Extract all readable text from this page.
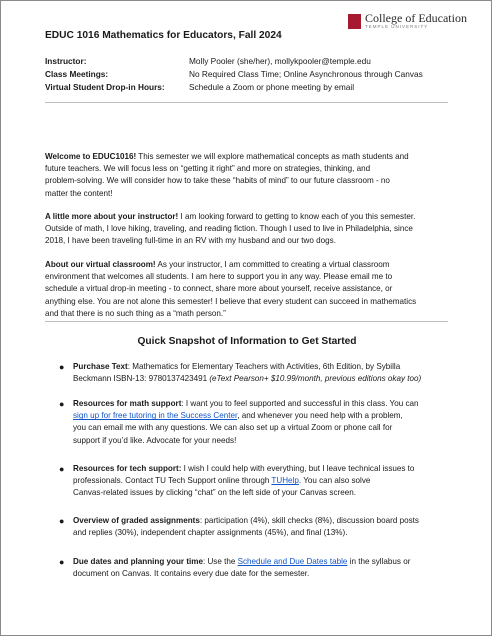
College of Education
TEMPLE UNIVERSITY
EDUC 1016 Mathematics for Educators, Fall 2024
Instructor:	Molly Pooler (she/her), mollykpooler@temple.edu
Class Meetings:	No Required Class Time; Online Asynchronous through Canvas
Virtual Student Drop-in Hours:	Schedule a Zoom or phone meeting by email
Welcome to EDUC1016! This semester we will explore mathematical concepts as math students and
future teachers. We will focus less on “getting it right” and more on strategies, thinking, and
problem-solving. We will consider how to take these “habits of mind” to our future classroom - no
matter the content!
A little more about your instructor! I am looking forward to getting to know each of you this semester.
Outside of math, I love hiking, traveling, and reading fiction. Though I used to live in Philadelphia, since
2018, I have been traveling full-time in an RV with my husband and our two dogs.
About our virtual classroom! As your instructor, I am committed to creating a virtual classroom
environment that welcomes all students. I am here to support you in any way. Please email me to
schedule a virtual drop-in meeting - to connect, share more about yourself, receive assistance, or
anything else. You are not alone this semester! I believe that every student can succeed in mathematics
and that there is no such thing as a “math person.”
Quick Snapshot of Information to Get Started
● Purchase Text: Mathematics for Elementary Teachers with Activities, 6th Edition, by Sybilla
Beckmann ISBN-13: 9780137423491 (eText Pearson+ $10.99/month, previous editions okay too)
● Resources for math support: I want you to feel supported and successful in this class. You can
sign up for free tutoring in the Success Center, and whenever you need help with a problem,
you can email me with any questions. We can also set up a virtual Zoom or phone call for
support if you’d like. Advocate for your needs!
● Resources for tech support: I wish I could help with everything, but I leave technical issues to
professionals. Contact TU Tech Support online through TUHelp. You can also solve
Canvas-related issues by clicking “chat” on the left side of your Canvas screen.
● Overview of graded assignments: participation (4%), skill checks (8%), discussion board posts
and replies (30%), independent chapter assignments (45%), and final (13%).
● Due dates and planning your time: Use the Schedule and Due Dates table in the syllabus or
document on Canvas. It contains every due date for the semester.
